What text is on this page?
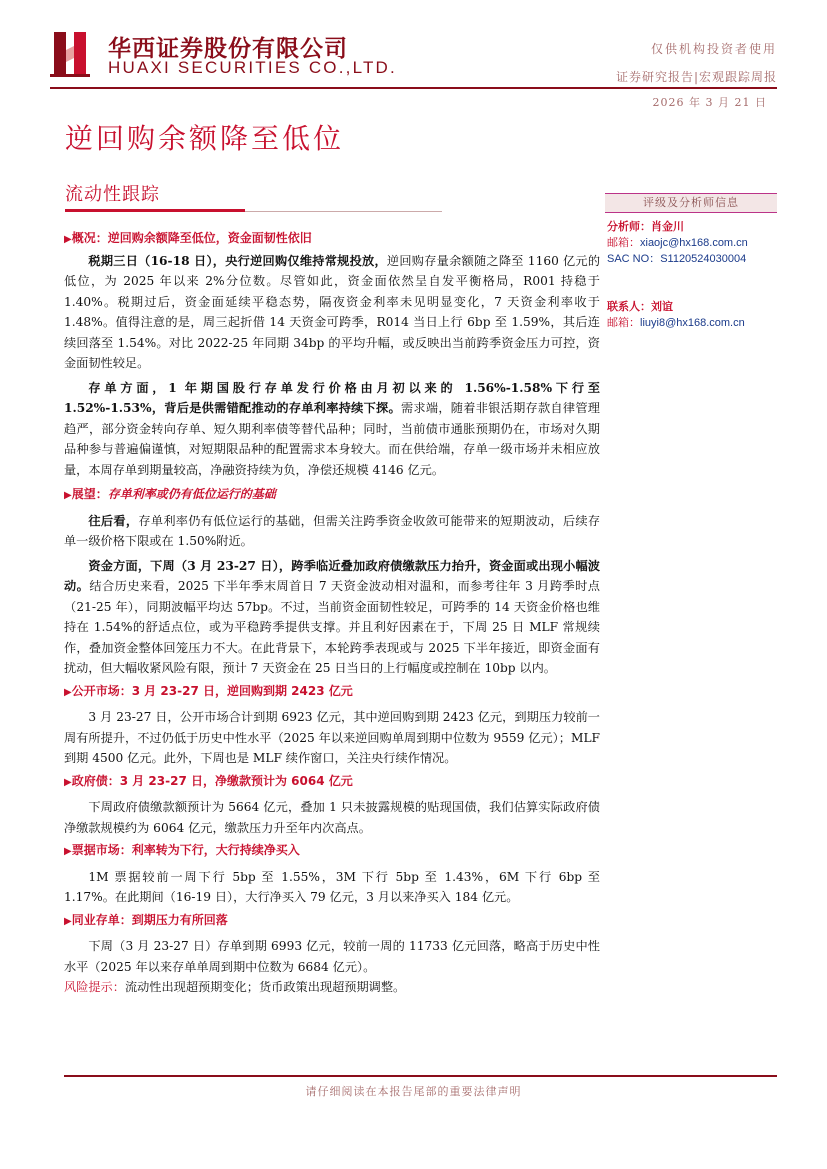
华西证券股份有限公司
HUAXI SECURITIES CO.,LTD.
仅供机构投资者使用
证券研究报告|宏观跟踪周报
2026 年 3 月 21 日
逆回购余额降至低位
流动性跟踪	评级及分析师信息
分析师：肖金川
邮箱：xiaojc@hx168.com.cn
SAC NO：S1120524030004
联系人：刘谊
邮箱：liuyi8@hx168.com.cn
▶概况：逆回购余额降至低位，资金面韧性依旧

税期三日（16-18 日），央行逆回购仅维持常规投放，逆回购存量余额随之降至 1160 亿元的低位，为 2025 年以来 2%分位数。尽管如此，资金面依然呈自发平衡格局，R001 持稳于 1.40%。税期过后，资金面延续平稳态势，隔夜资金利率未见明显变化，7 天资金利率收于 1.48%。值得注意的是，周三起折借 14 天资金可跨季，R014 当日上行 6bp 至 1.59%，其后连续回落至 1.54%。对比 2022-25 年同期 34bp 的平均升幅，或反映出当前跨季资金压力可控，资金面韧性较足。

存单方面，1 年期国股行存单发行价格由月初以来的 1.56%-1.58%下行至 1.52%-1.53%，背后是供需错配推动的存单利率持续下探。需求端，随着非银活期存款自律管理趋严，部分资金转向存单、短久期利率债等替代品种；同时，当前债市通胀预期仍在，市场对久期品种参与普遍偏谨慎，对短期限品种的配置需求本身较大。而在供给端，存单一级市场并未相应放量，本周存单到期量较高，净融资持续为负，净偿还规模 4146 亿元。

▶展望：存单利率或仍有低位运行的基础

往后看，存单利率仍有低位运行的基础，但需关注跨季资金收敛可能带来的短期波动，后续存单一级价格下限或在 1.50%附近。

资金方面，下周（3 月 23-27 日），跨季临近叠加政府债缴款压力抬升，资金面或出现小幅波动。结合历史来看，2025 下半年季末周首日 7 天资金波动相对温和，而参考往年 3 月跨季时点（21-25 年），同期波幅平均达 57bp。不过，当前资金面韧性较足，可跨季的 14 天资金价格也维持在 1.54%的舒适点位，或为平稳跨季提供支撑。并且利好因素在于，下周 25 日 MLF 常规续作，叠加资金整体回笼压力不大。在此背景下，本轮跨季表现或与 2025 下半年接近，即资金面有扰动，但大幅收紧风险有限，预计 7 天资金在 25 日当日的上行幅度或控制在 10bp 以内。

▶公开市场：3 月 23-27 日，逆回购到期 2423 亿元

3 月 23-27 日，公开市场合计到期 6923 亿元，其中逆回购到期 2423 亿元，到期压力较前一周有所提升，不过仍低于历史中性水平（2025 年以来逆回购单周到期中位数为 9559 亿元）；MLF 到期 4500 亿元。此外，下周也是 MLF 续作窗口，关注央行续作情况。

▶政府债：3 月 23-27 日，净缴款预计为 6064 亿元

下周政府债缴款额预计为 5664 亿元，叠加 1 只未披露规模的贴现国债，我们估算实际政府债净缴款规模约为 6064 亿元，缴款压力升至年内次高点。

▶票据市场：利率转为下行，大行持续净买入

1M 票据较前一周下行 5bp 至 1.55%，3M 下行 5bp 至 1.43%，6M 下行 6bp 至 1.17%。在此期间（16-19 日），大行净买入 79 亿元，3 月以来净买入 184 亿元。

▶同业存单：到期压力有所回落

下周（3 月 23-27 日）存单到期 6993 亿元，较前一周的 11733 亿元回落，略高于历史中性水平（2025 年以来存单单周到期中位数为 6684 亿元）。

风险提示：流动性出现超预期变化；货币政策出现超预期调整。
请仔细阅读在本报告尾部的重要法律声明
